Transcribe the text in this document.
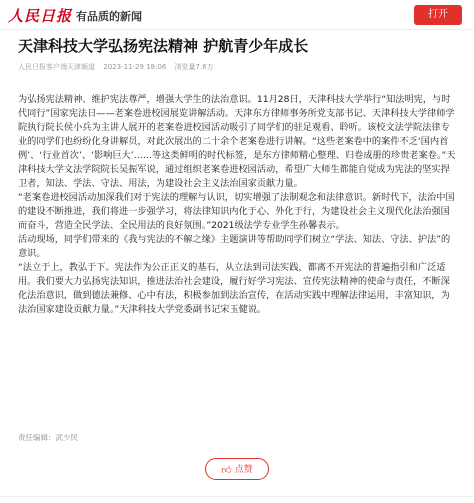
人民日报 有品质的新闻	打开
天津科技大学弘扬宪法精神 护航青少年成长
人民日报客户端天津频道 2023-11-29 18:06 浏览量7.6万

为弘扬宪法精神、维护宪法尊严，增强大学生的法治意识。11月28日，天津科技大学举行“知法明宪，与时代同行”国家宪法日——老案卷进校园展览讲解活动。天津东方律师事务所党支部书记、天津科技大学律师学院执行院长侯小兵为主讲人展开的老案卷进校园活动吸引了同学们的驻足观看、聆听。该校文法学院法律专业的同学们也纷纷化身讲解员，对此次展出的二十余个老案卷进行讲解。“这些老案卷中的案件不乏‘国内首例’、‘行业首次’、‘影响巨大’……等这类鲜明的时代标签，是东方律师精心整理、归卷成册的珍贵老案卷。”天津科技大学文法学院院长吴振军说，通过组织老案卷进校园活动，希望广大师生都能自觉成为宪法的坚实捍卫者，知法、学法、守法、用法，为建设社会主义法治国家贡献力量。

“老案卷进校园活动加深我们对于宪法的理解与认识，切实增强了法制观念和法律意识。新时代下，法治中国的建设不断推进，我们将进一步强学习，将法律知识内化于心、外化于行，为建设社会主义现代化法治强国而奋斗，营造全民学法、全民用法的良好氛围。”2021级法学专业学生孙馨表示。

活动现场，同学们带来的《我与宪法的不解之缘》主题演讲等帮助同学们树立“学法、知法、守法、护法”的意识。

“法立于上，教弘于下。宪法作为公正正义的基石，从立法到司法实践，都离不开宪法的普遍指引和广泛适用。我们要大力弘扬宪法知识，推进法治社会建设，履行好学习宪法、宣传宪法精神的使命与责任，不断深化法治意识，做到德法兼修、心中有法，积极参加到法治宣传，在活动实践中理解法律运用，丰富知识，为法治国家建设贡献力量。”天津科技大学党委副书记宋玉健说。

责任编辑：武少民
👍︎ 点赞
